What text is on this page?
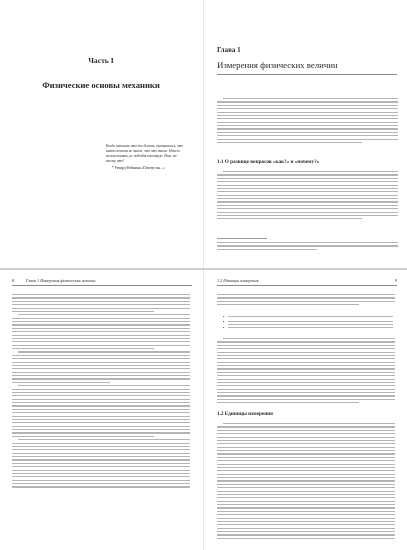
Часть I
Физические основы механики
Когда начинали что-то делать, оказывалось, что никто толком не знает, что это такое. Ничего нельзя понять, не подойдя вплотную. Нам, по-моему, это!
* Ричард Фейнман «Почему вы...»
Глава 1
Измерения физических величин
1.1 О разнице вопросов «как?» и «почему?»
8	Глава 1 Измерения физических величин	1.2 Единицы измерения	9
•
•
•
1.2 Единицы измерения
